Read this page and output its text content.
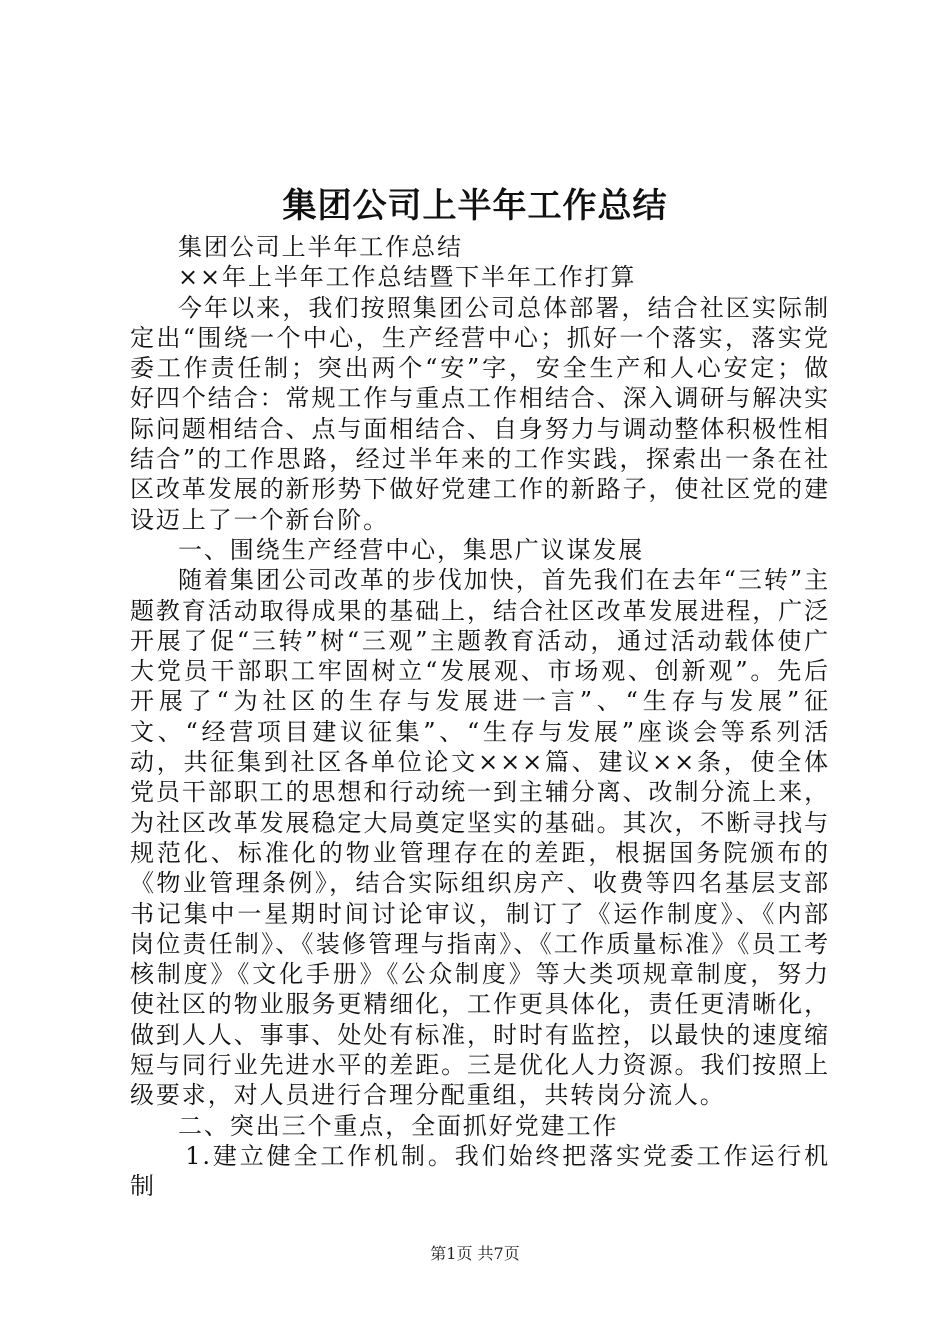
集团公司上半年工作总结

集团公司上半年工作总结

××年上半年工作总结暨下半年工作打算

今年以来，我们按照集团公司总体部署，结合社区实际制定出“围绕一个中心，生产经营中心；抓好一个落实，落实党委工作责任制；突出两个“安”字，安全生产和人心安定；做好四个结合：常规工作与重点工作相结合、深入调研与解决实际问题相结合、点与面相结合、自身努力与调动整体积极性相结合”的工作思路，经过半年来的工作实践，探索出一条在社区改革发展的新形势下做好党建工作的新路子，使社区党的建设迈上了一个新台阶。

一、围绕生产经营中心，集思广议谋发展

随着集团公司改革的步伐加快，首先我们在去年“三转”主题教育活动取得成果的基础上，结合社区改革发展进程，广泛开展了促“三转”树“三观”主题教育活动，通过活动载体使广大党员干部职工牢固树立“发展观、市场观、创新观”。先后开展了“为社区的生存与发展进一言”、“生存与发展”征文、“经营项目建议征集”、“生存与发展”座谈会等系列活动，共征集到社区各单位论文×××篇、建议××条，使全体党员干部职工的思想和行动统一到主辅分离、改制分流上来，为社区改革发展稳定大局奠定坚实的基础。其次，不断寻找与规范化、标准化的物业管理存在的差距，根据国务院颁布的《物业管理条例》，结合实际组织房产、收费等四名基层支部书记集中一星期时间讨论审议，制订了《运作制度》、《内部岗位责任制》、《装修管理与指南》、《工作质量标准》《员工考核制度》《文化手册》《公众制度》等大类项规章制度，努力使社区的物业服务更精细化，工作更具体化，责任更清晰化，做到人人、事事、处处有标准，时时有监控，以最快的速度缩短与同行业先进水平的差距。三是优化人力资源。我们按照上级要求，对人员进行合理分配重组，共转岗分流人。

二、突出三个重点，全面抓好党建工作

1.建立健全工作机制。我们始终把落实党委工作运行机制

第1页 共7页
